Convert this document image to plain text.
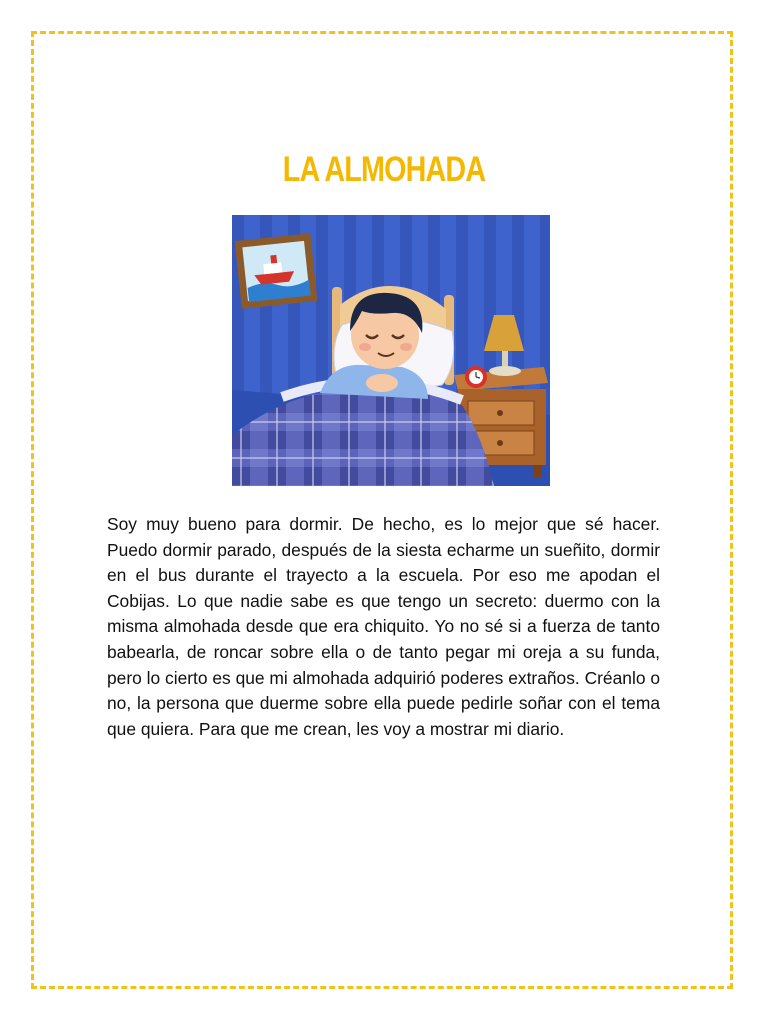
LA ALMOHADA

Soy muy bueno para dormir. De hecho, es lo mejor que sé hacer. Puedo dormir parado, después de la siesta echarme un sueñito, dormir en el bus durante el trayecto a la escuela. Por eso me apodan el Cobijas. Lo que nadie sabe es que tengo un secreto: duermo con la misma almohada desde que era chiquito. Yo no sé si a fuerza de tanto babearla, de roncar sobre ella o de tanto pegar mi oreja a su funda, pero lo cierto es que mi almohada adquirió poderes extraños. Créanlo o no, la persona que duerme sobre ella puede pedirle soñar con el tema que quiera. Para que me crean, les voy a mostrar mi diario.
